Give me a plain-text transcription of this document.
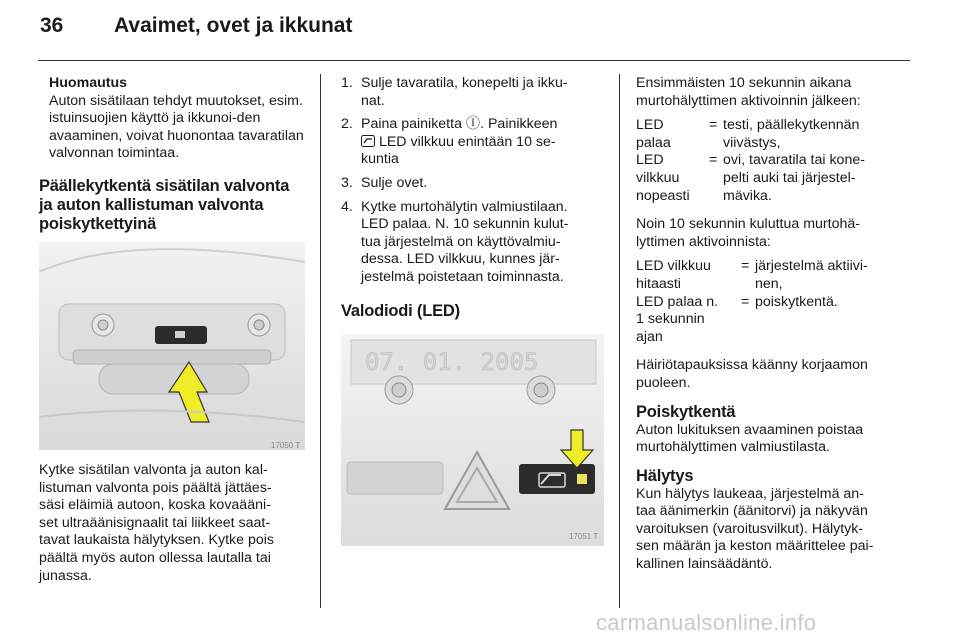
36 Avaimet, ovet ja ikkunat

Huomautus

Auton sisätilaan tehdyt muutokset, esim. istuinsuojien käyttö ja ikkunoi-den avaaminen, voivat huonontaa tavaratilan valvonnan toimintaa.

Päällekytkentä sisätilan valvonta

ja auton kallistuman valvonta

poiskytkettyinä

17050 T

Kytke sisätilan valvonta ja auton kal-

listuman valvonta pois päältä jättäes-

säsi eläimiä autoon, koska kovaääni-

set ultraäänisignaalit tai liikkeet saat-

tavat laukaista hälytyksen. Kytke pois

päältä myös auton ollessa lautalla tai

junassa.

1. Sulje tavaratila, konepelti ja ikku-
nat.
2. Paina painiketta Ⓘ. Painikkeen
LED vilkkuu enintään 10 se-
kuntia
3. Sulje ovet.
4. Kytke murtohälytin valmiustilaan.
LED palaa. N. 10 sekunnin kulut-
tua järjestelmä on käyttövalmiu-
dessa. LED vilkkuu, kunnes jär-
jestelmä poistetaan toiminnasta.
Valodiodi (LED)
07. 01. 2005
17051 T

Ensimmäisten 10 sekunnin aikana

murtohälyttimen aktivoinnin jälkeen:

LED
palaa
= testi, päällekytkennän
viivästys,
LED
vilkkuu
nopeasti
= ovi, tavaratila tai kone-
pelti auki tai järjestel-
mävika.

Noin 10 sekunnin kuluttua murtohä-

lyttimen aktivoinnista:

LED vilkkuu
hitaasti
= järjestelmä aktiivi-
nen,
LED palaa n.
1 sekunnin
ajan
= poiskytkentä.

Häiriötapauksissa käänny korjaamon

puoleen.

Poiskytkentä

Auton lukituksen avaaminen poistaa

murtohälyttimen valmiustilasta.

Hälytys

Kun hälytys laukeaa, järjestelmä an-

taa äänimerkin (äänitorvi) ja näkyvän

varoituksen (varoitusvilkut). Hälytyk-

sen määrän ja keston määrittelee pai-

kallinen lainsäädäntö.

carmanualsonline.info
